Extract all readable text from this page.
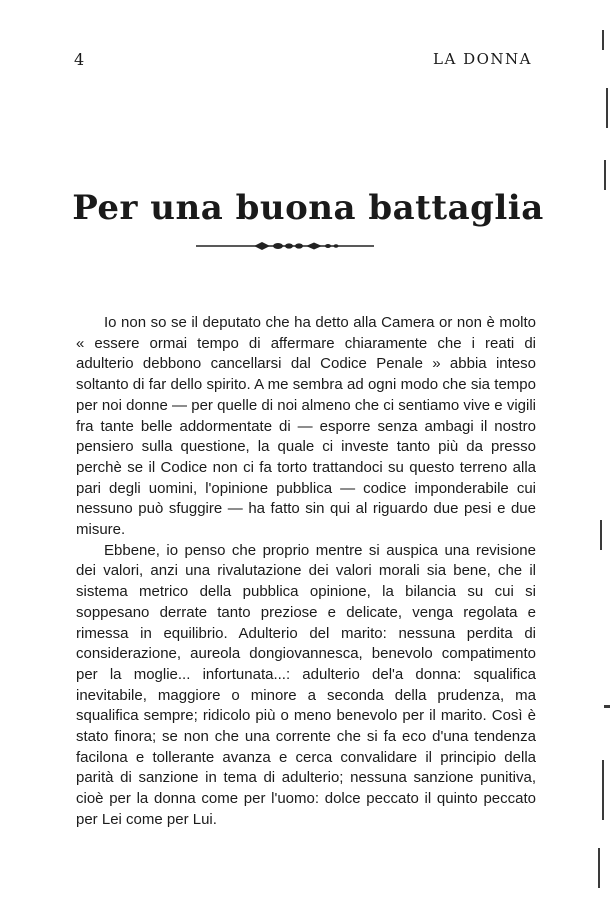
4	LA DONNA
Per una buona battaglia

Io non so se il deputato che ha detto alla Camera or non è molto « essere ormai tempo di affermare chiaramente che i reati di adulterio debbono cancellarsi dal Codice Penale » abbia inteso soltanto di far dello spirito. A me sembra ad ogni modo che sia tempo per noi donne — per quelle di noi almeno che ci sentiamo vive e vigili fra tante belle addormentate di — esporre senza ambagi il nostro pensiero sulla questione, la quale ci investe tanto più da presso perchè se il Codice non ci fa torto trattandoci su questo terreno alla pari degli uomini, l'opinione pubblica — codice imponderabile cui nessuno può sfuggire — ha fatto sin qui al riguardo due pesi e due misure.

Ebbene, io penso che proprio mentre si auspica una revisione dei valori, anzi una rivalutazione dei valori morali sia bene, che il sistema metrico della pubblica opinione, la bilancia su cui si soppesano derrate tanto preziose e delicate, venga regolata e rimessa in equilibrio. Adulterio del marito: nessuna perdita di considerazione, aureola dongiovannesca, benevolo compatimento per la moglie... infortunata...: adulterio del'a donna: squalifica inevitabile, maggiore o minore a seconda della prudenza, ma squalifica sempre; ridicolo più o meno benevolo per il marito. Così è stato finora; se non che una corrente che si fa eco d'una tendenza facilona e tollerante avanza e cerca convalidare il principio della parità di sanzione in tema di adulterio; nessuna sanzione punitiva, cioè per la donna come per l'uomo: dolce peccato il quinto peccato per Lei come per Lui.
